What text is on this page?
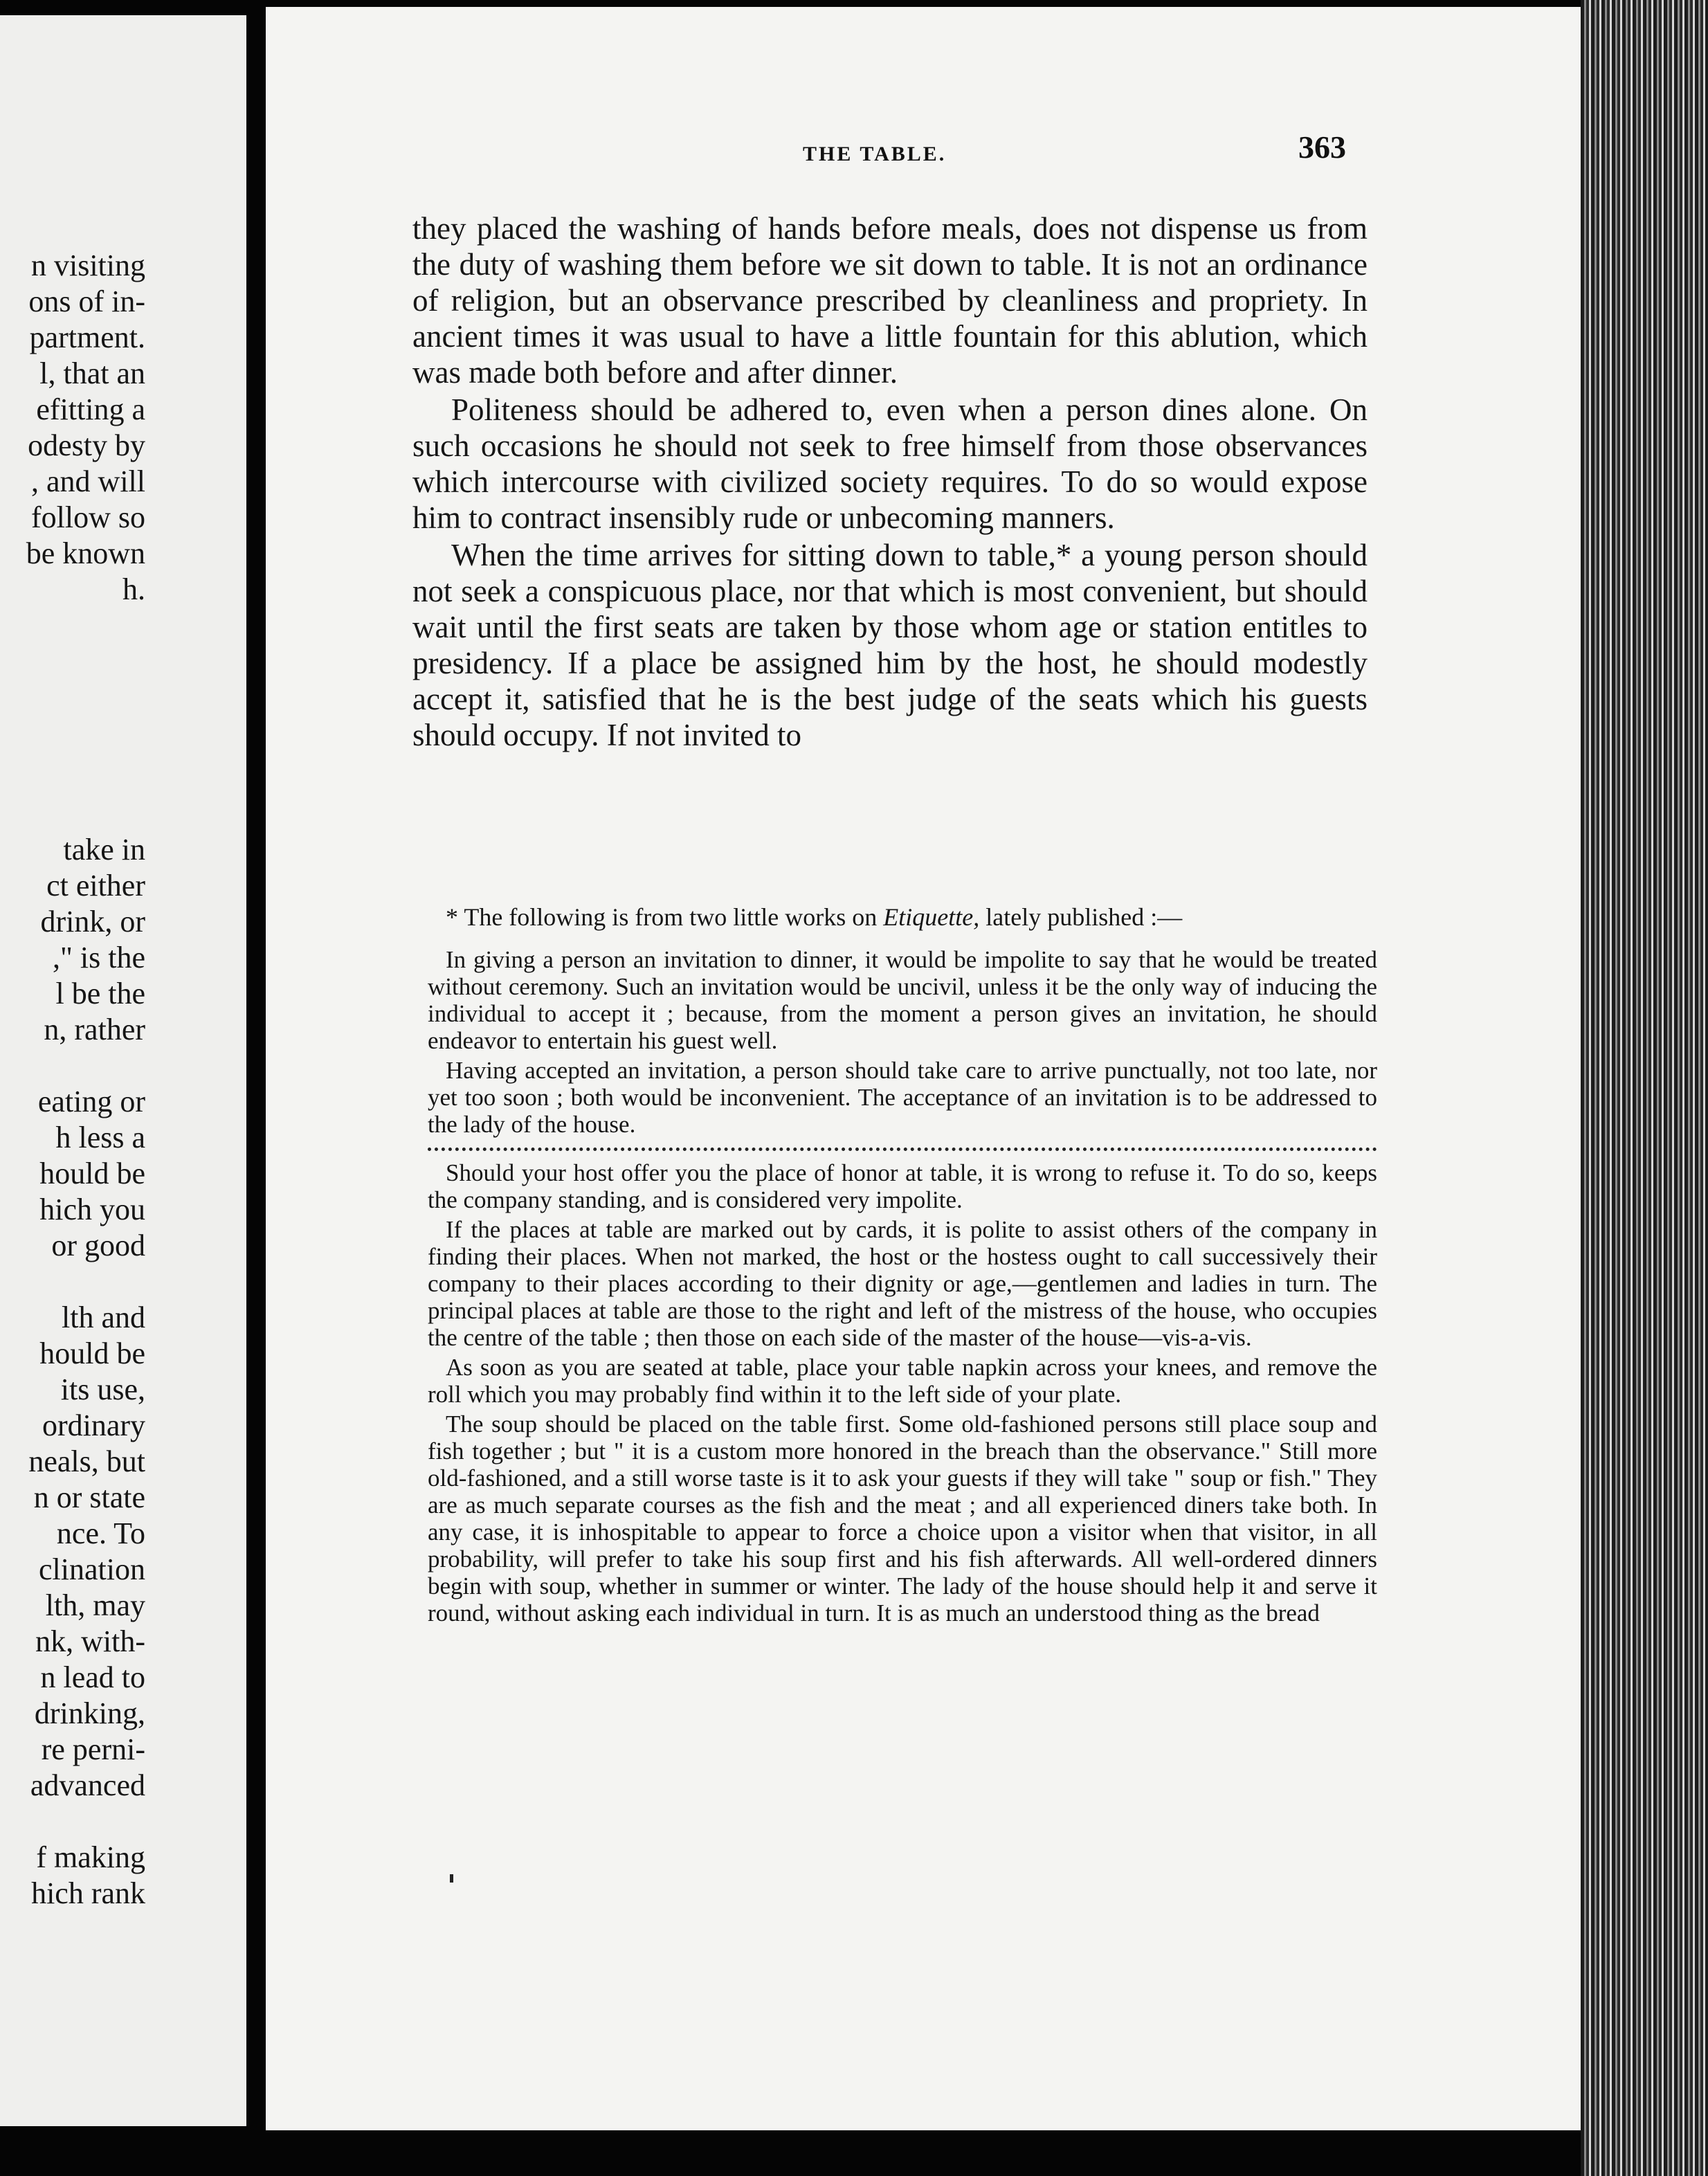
n visiting
ons of in-
partment.
l, that an
efitting a
odesty by
, and will
follow so
be known
h.
take in
ct either
drink, or
," is the
l be the
n, rather
eating or
h less a
hould be
hich you
or good
lth and
hould be
its use,
ordinary
neals, but
n or state
nce. To
clination
lth, may
nk, with-
n lead to
drinking,
re perni-
advanced
f making
hich rank
THE TABLE.	363

they placed the washing of hands before meals, does not dispense us from the duty of washing them before we sit down to table. It is not an ordinance of religion, but an observance prescribed by cleanliness and propriety. In ancient times it was usual to have a little fountain for this ablution, which was made both before and after dinner.

Politeness should be adhered to, even when a person dines alone. On such occasions he should not seek to free himself from those observances which intercourse with civilized society requires. To do so would expose him to contract insensibly rude or unbecoming manners.

When the time arrives for sitting down to table,* a young person should not seek a conspicuous place, nor that which is most convenient, but should wait until the first seats are taken by those whom age or station entitles to presidency. If a place be assigned him by the host, he should modestly accept it, satisfied that he is the best judge of the seats which his guests should occupy. If not invited to

* The following is from two little works on Etiquette, lately published :—

In giving a person an invitation to dinner, it would be impolite to say that he would be treated without ceremony. Such an invitation would be uncivil, unless it be the only way of inducing the individual to accept it ; because, from the moment a person gives an invitation, he should endeavor to entertain his guest well.

Having accepted an invitation, a person should take care to arrive punctually, not too late, nor yet too soon ; both would be inconvenient. The acceptance of an invitation is to be addressed to the lady of the house.

Should your host offer you the place of honor at table, it is wrong to refuse it. To do so, keeps the company standing, and is considered very impolite.

If the places at table are marked out by cards, it is polite to assist others of the company in finding their places. When not marked, the host or the hostess ought to call successively their company to their places according to their dignity or age,—gentlemen and ladies in turn. The principal places at table are those to the right and left of the mistress of the house, who occupies the centre of the table ; then those on each side of the master of the house—vis-a-vis.

As soon as you are seated at table, place your table napkin across your knees, and remove the roll which you may probably find within it to the left side of your plate.

The soup should be placed on the table first. Some old-fashioned persons still place soup and fish together ; but " it is a custom more honored in the breach than the observance." Still more old-fashioned, and a still worse taste is it to ask your guests if they will take " soup or fish." They are as much separate courses as the fish and the meat ; and all experienced diners take both. In any case, it is inhospitable to appear to force a choice upon a visitor when that visitor, in all probability, will prefer to take his soup first and his fish afterwards. All well-ordered dinners begin with soup, whether in summer or winter. The lady of the house should help it and serve it round, without asking each individual in turn. It is as much an understood thing as the bread
